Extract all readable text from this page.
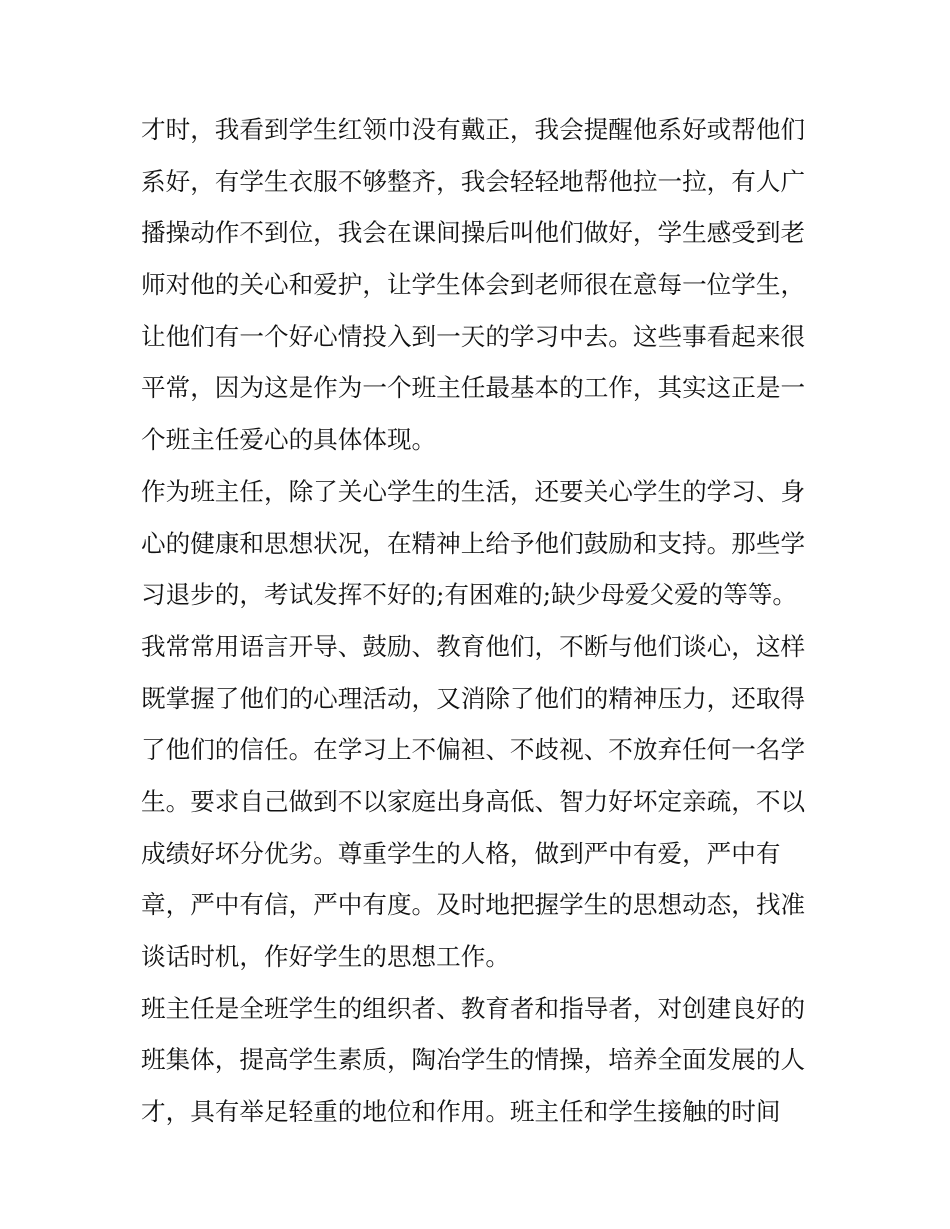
才时，我看到学生红领巾没有戴正，我会提醒他系好或帮他们
系好，有学生衣服不够整齐，我会轻轻地帮他拉一拉，有人广
播操动作不到位，我会在课间操后叫他们做好，学生感受到老
师对他的关心和爱护，让学生体会到老师很在意每一位学生，
让他们有一个好心情投入到一天的学习中去。这些事看起来很
平常，因为这是作为一个班主任最基本的工作，其实这正是一
个班主任爱心的具体体现。
作为班主任，除了关心学生的生活，还要关心学生的学习、身
心的健康和思想状况，在精神上给予他们鼓励和支持。那些学
习退步的，考试发挥不好的;有困难的;缺少母爱父爱的等等。
我常常用语言开导、鼓励、教育他们，不断与他们谈心，这样
既掌握了他们的心理活动，又消除了他们的精神压力，还取得
了他们的信任。在学习上不偏袒、不歧视、不放弃任何一名学
生。要求自己做到不以家庭出身高低、智力好坏定亲疏，不以
成绩好坏分优劣。尊重学生的人格，做到严中有爱，严中有
章，严中有信，严中有度。及时地把握学生的思想动态，找准
谈话时机，作好学生的思想工作。
班主任是全班学生的组织者、教育者和指导者，对创建良好的
班集体，提高学生素质，陶冶学生的情操，培养全面发展的人
才，具有举足轻重的地位和作用。班主任和学生接触的时间
